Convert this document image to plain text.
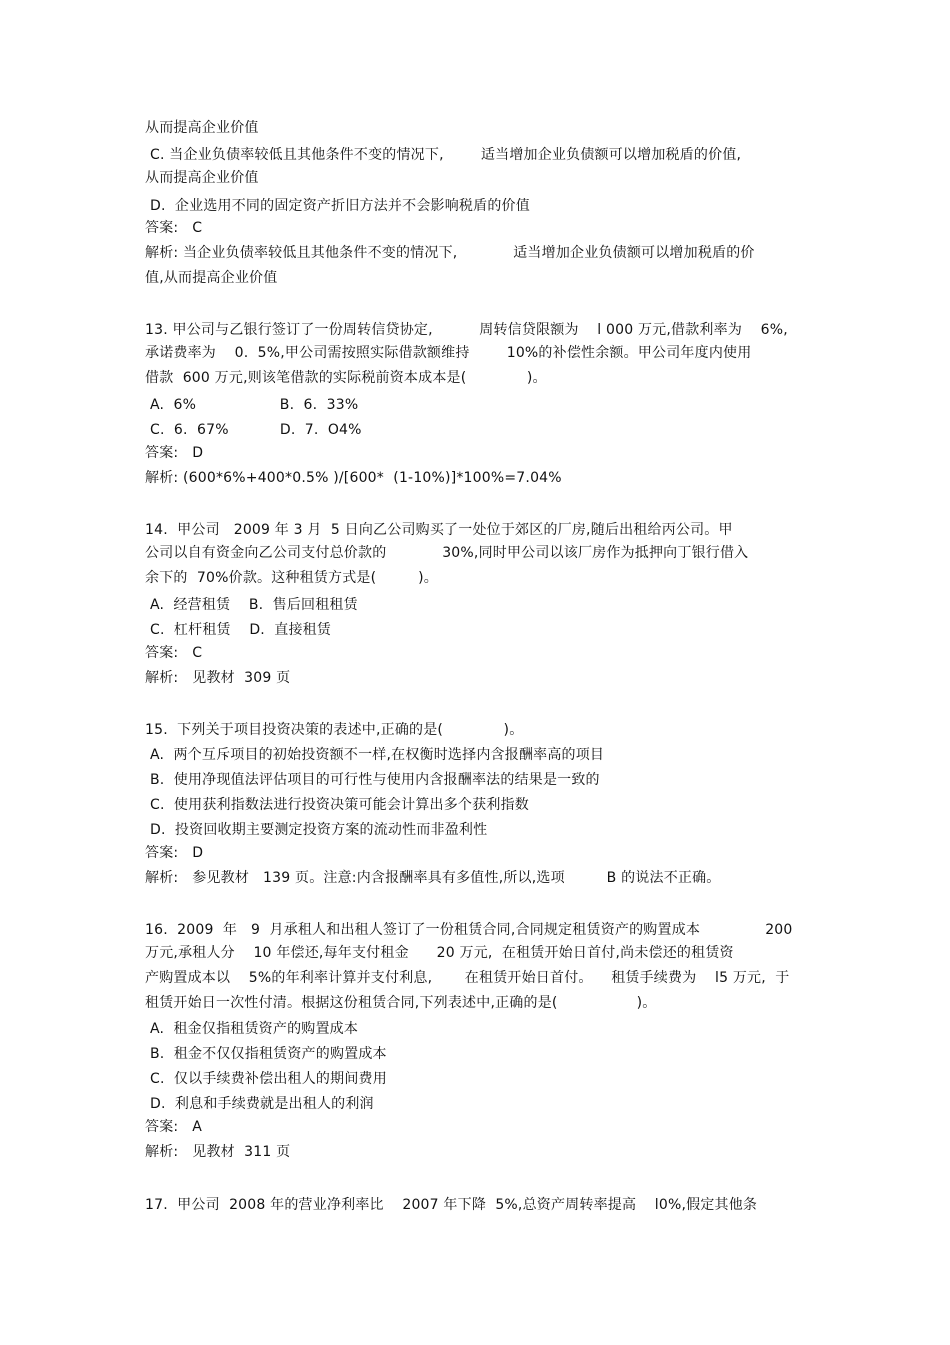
从而提高企业价值
C. 当企业负债率较低且其他条件不变的情况下,        适当增加企业负债额可以增加税盾的价值,
从而提高企业价值
D.  企业选用不同的固定资产折旧方法并不会影响税盾的价值
答案:   C
解析: 当企业负债率较低且其他条件不变的情况下,            适当增加企业负债额可以增加税盾的价
值,从而提高企业价值
13. 甲公司与乙银行签订了一份周转信贷协定,          周转信贷限额为    l 000 万元,借款利率为    6%,
承诺费率为    0.  5%,甲公司需按照实际借款额维持        10%的补偿性余额。甲公司年度内使用
借款  600 万元,则该笔借款的实际税前资本成本是(             )。
A.  6%                  B.  6.  33%
C.  6.  67%           D.  7.  O4%
答案:   D
解析: (600*6%+400*0.5% )/[600*  (1-10%)]*100%=7.04%
14.  甲公司   2009 年 3 月  5 日向乙公司购买了一处位于郊区的厂房,随后出租给丙公司。甲
公司以自有资金向乙公司支付总价款的            30%,同时甲公司以该厂房作为抵押向丁银行借入
余下的  70%价款。这种租赁方式是(         )。
A.  经营租赁    B.  售后回租租赁
C.  杠杆租赁    D.  直接租赁
答案:   C
解析:   见教材  309 页
15.  下列关于项目投资决策的表述中,正确的是(             )。
A.  两个互斥项目的初始投资额不一样,在权衡时选择内含报酬率高的项目
B.  使用净现值法评估项目的可行性与使用内含报酬率法的结果是一致的
C.  使用获利指数法进行投资决策可能会计算出多个获利指数
D.  投资回收期主要测定投资方案的流动性而非盈利性
答案:   D
解析:   参见教材   139 页。注意:内含报酬率具有多值性,所以,选项         B 的说法不正确。
16.  2009  年   9  月承租人和出租人签订了一份租赁合同,合同规定租赁资产的购置成本              200
万元,承租人分    10 年偿还,每年支付租金      20 万元,  在租赁开始日首付,尚未偿还的租赁资
产购置成本以    5%的年利率计算并支付利息,       在租赁开始日首付。    租赁手续费为    l5 万元,  于
租赁开始日一次性付清。根据这份租赁合同,下列表述中,正确的是(                 )。
A.  租金仅指租赁资产的购置成本
B.  租金不仅仅指租赁资产的购置成本
C.  仅以手续费补偿出租人的期间费用
D.  利息和手续费就是出租人的利润
答案:   A
解析:   见教材  311 页
17.  甲公司  2008 年的营业净利率比    2007 年下降  5%,总资产周转率提高    l0%,假定其他条
